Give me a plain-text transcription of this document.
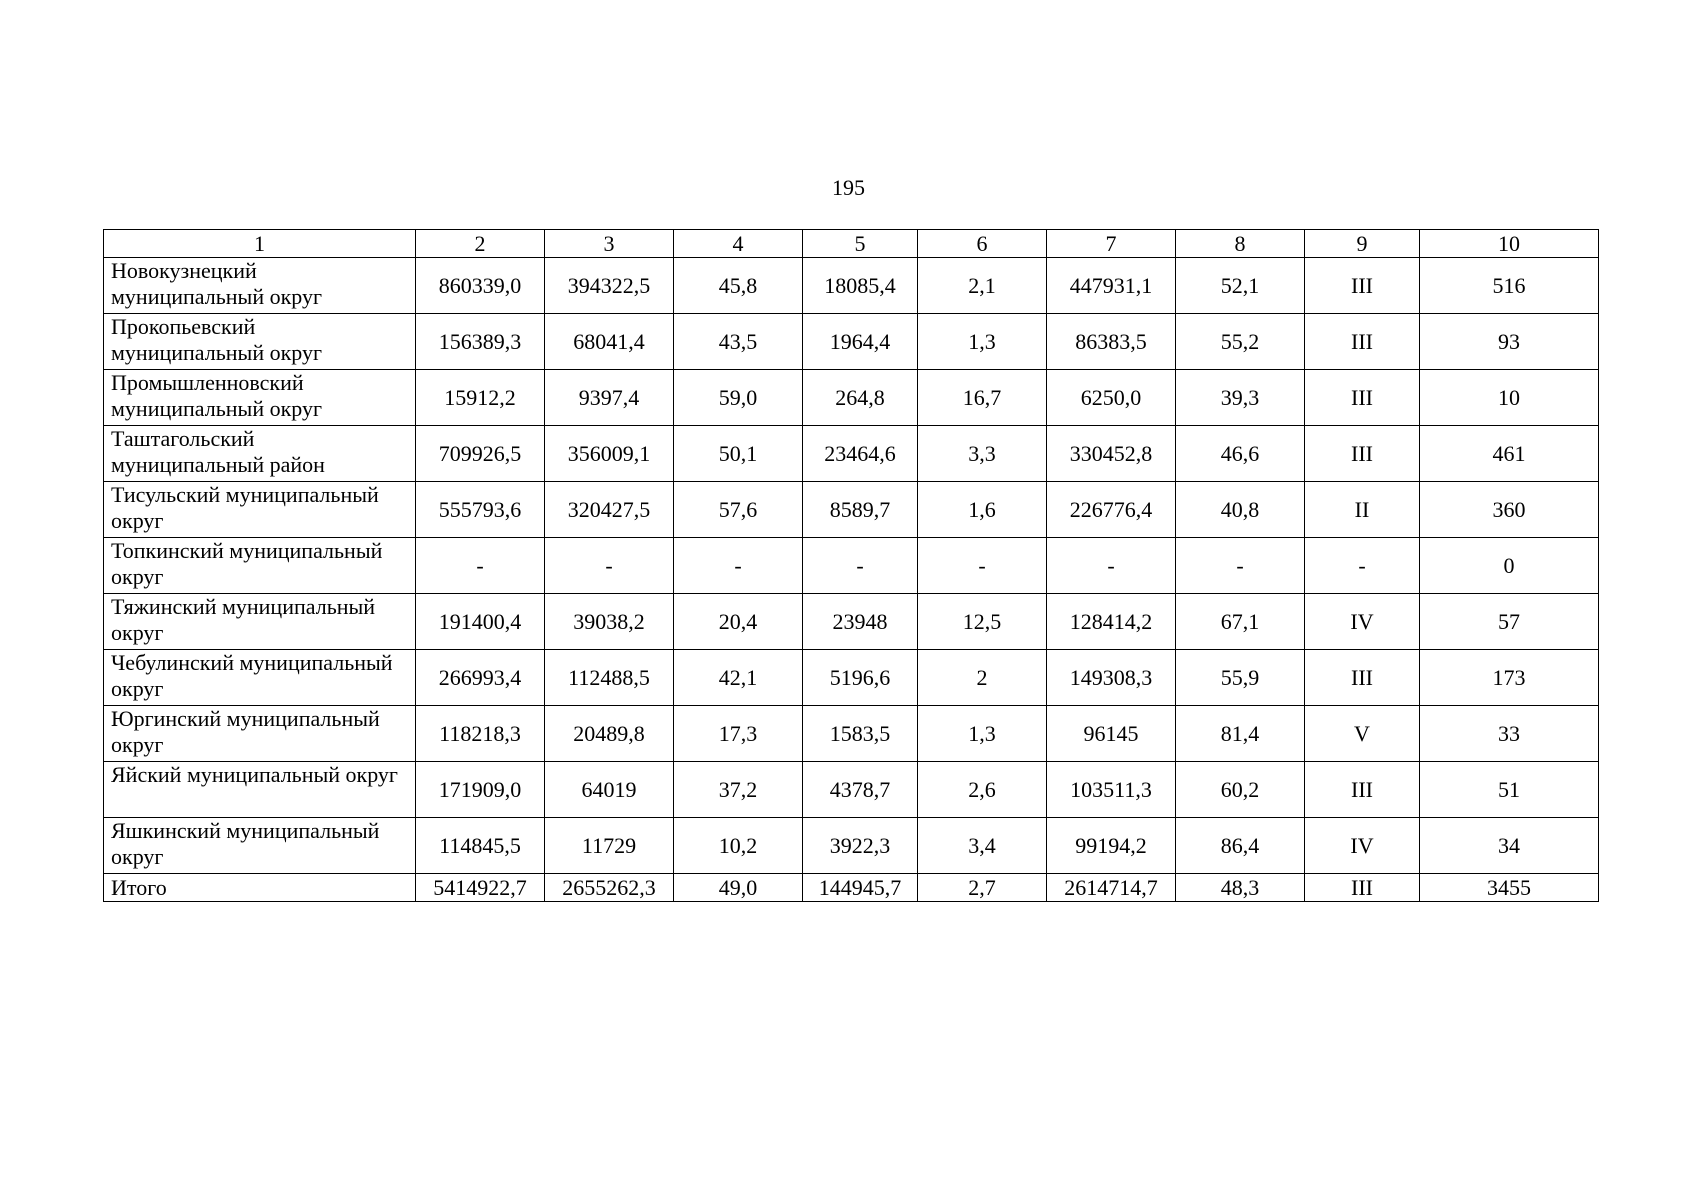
195
1	2	3	4	5	6	7	8	9	10
Новокузнецкий муниципальный округ	860339,0	394322,5	45,8	18085,4	2,1	447931,1	52,1	III	516
Прокопьевский муниципальный округ	156389,3	68041,4	43,5	1964,4	1,3	86383,5	55,2	III	93
Промышленновский муниципальный округ	15912,2	9397,4	59,0	264,8	16,7	6250,0	39,3	III	10
Таштагольский муниципальный район	709926,5	356009,1	50,1	23464,6	3,3	330452,8	46,6	III	461
Тисульский муниципальный округ	555793,6	320427,5	57,6	8589,7	1,6	226776,4	40,8	II	360
Топкинский муниципальный округ	-	-	-	-	-	-	-	-	0
Тяжинский муниципальный округ	191400,4	39038,2	20,4	23948	12,5	128414,2	67,1	IV	57
Чебулинский муниципальный округ	266993,4	112488,5	42,1	5196,6	2	149308,3	55,9	III	173
Юргинский муниципальный округ	118218,3	20489,8	17,3	1583,5	1,3	96145	81,4	V	33
Яйский муниципальный округ	171909,0	64019	37,2	4378,7	2,6	103511,3	60,2	III	51
Яшкинский муниципальный округ	114845,5	11729	10,2	3922,3	3,4	99194,2	86,4	IV	34
Итого	5414922,7	2655262,3	49,0	144945,7	2,7	2614714,7	48,3	III	3455
